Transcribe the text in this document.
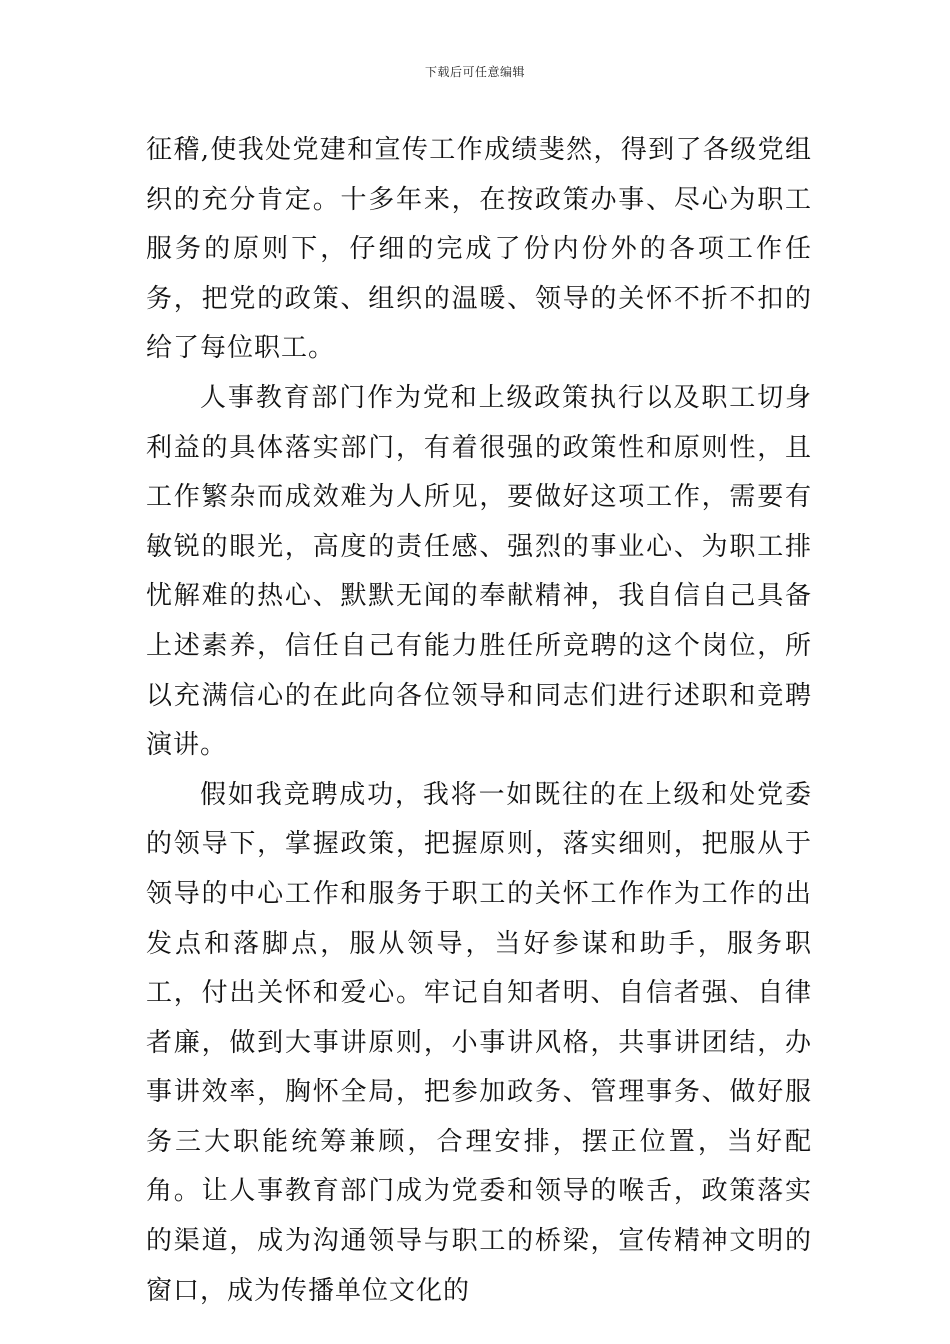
下载后可任意编辑

征稽,使我处党建和宣传工作成绩斐然，得到了各级党组织的充分肯定。十多年来，在按政策办事、尽心为职工服务的原则下，仔细的完成了份内份外的各项工作任务，把党的政策、组织的温暖、领导的关怀不折不扣的给了每位职工。

人事教育部门作为党和上级政策执行以及职工切身利益的具体落实部门，有着很强的政策性和原则性，且工作繁杂而成效难为人所见，要做好这项工作，需要有敏锐的眼光，高度的责任感、强烈的事业心、为职工排忧解难的热心、默默无闻的奉献精神，我自信自己具备上述素养，信任自己有能力胜任所竞聘的这个岗位，所以充满信心的在此向各位领导和同志们进行述职和竞聘演讲。

假如我竞聘成功，我将一如既往的在上级和处党委的领导下，掌握政策，把握原则，落实细则，把服从于领导的中心工作和服务于职工的关怀工作作为工作的出发点和落脚点，服从领导，当好参谋和助手，服务职工，付出关怀和爱心。牢记自知者明、自信者强、自律者廉，做到大事讲原则，小事讲风格，共事讲团结，办事讲效率，胸怀全局，把参加政务、管理事务、做好服务三大职能统筹兼顾，合理安排，摆正位置，当好配角。让人事教育部门成为党委和领导的喉舌，政策落实的渠道，成为沟通领导与职工的桥梁，宣传精神文明的窗口，成为传播单位文化的
